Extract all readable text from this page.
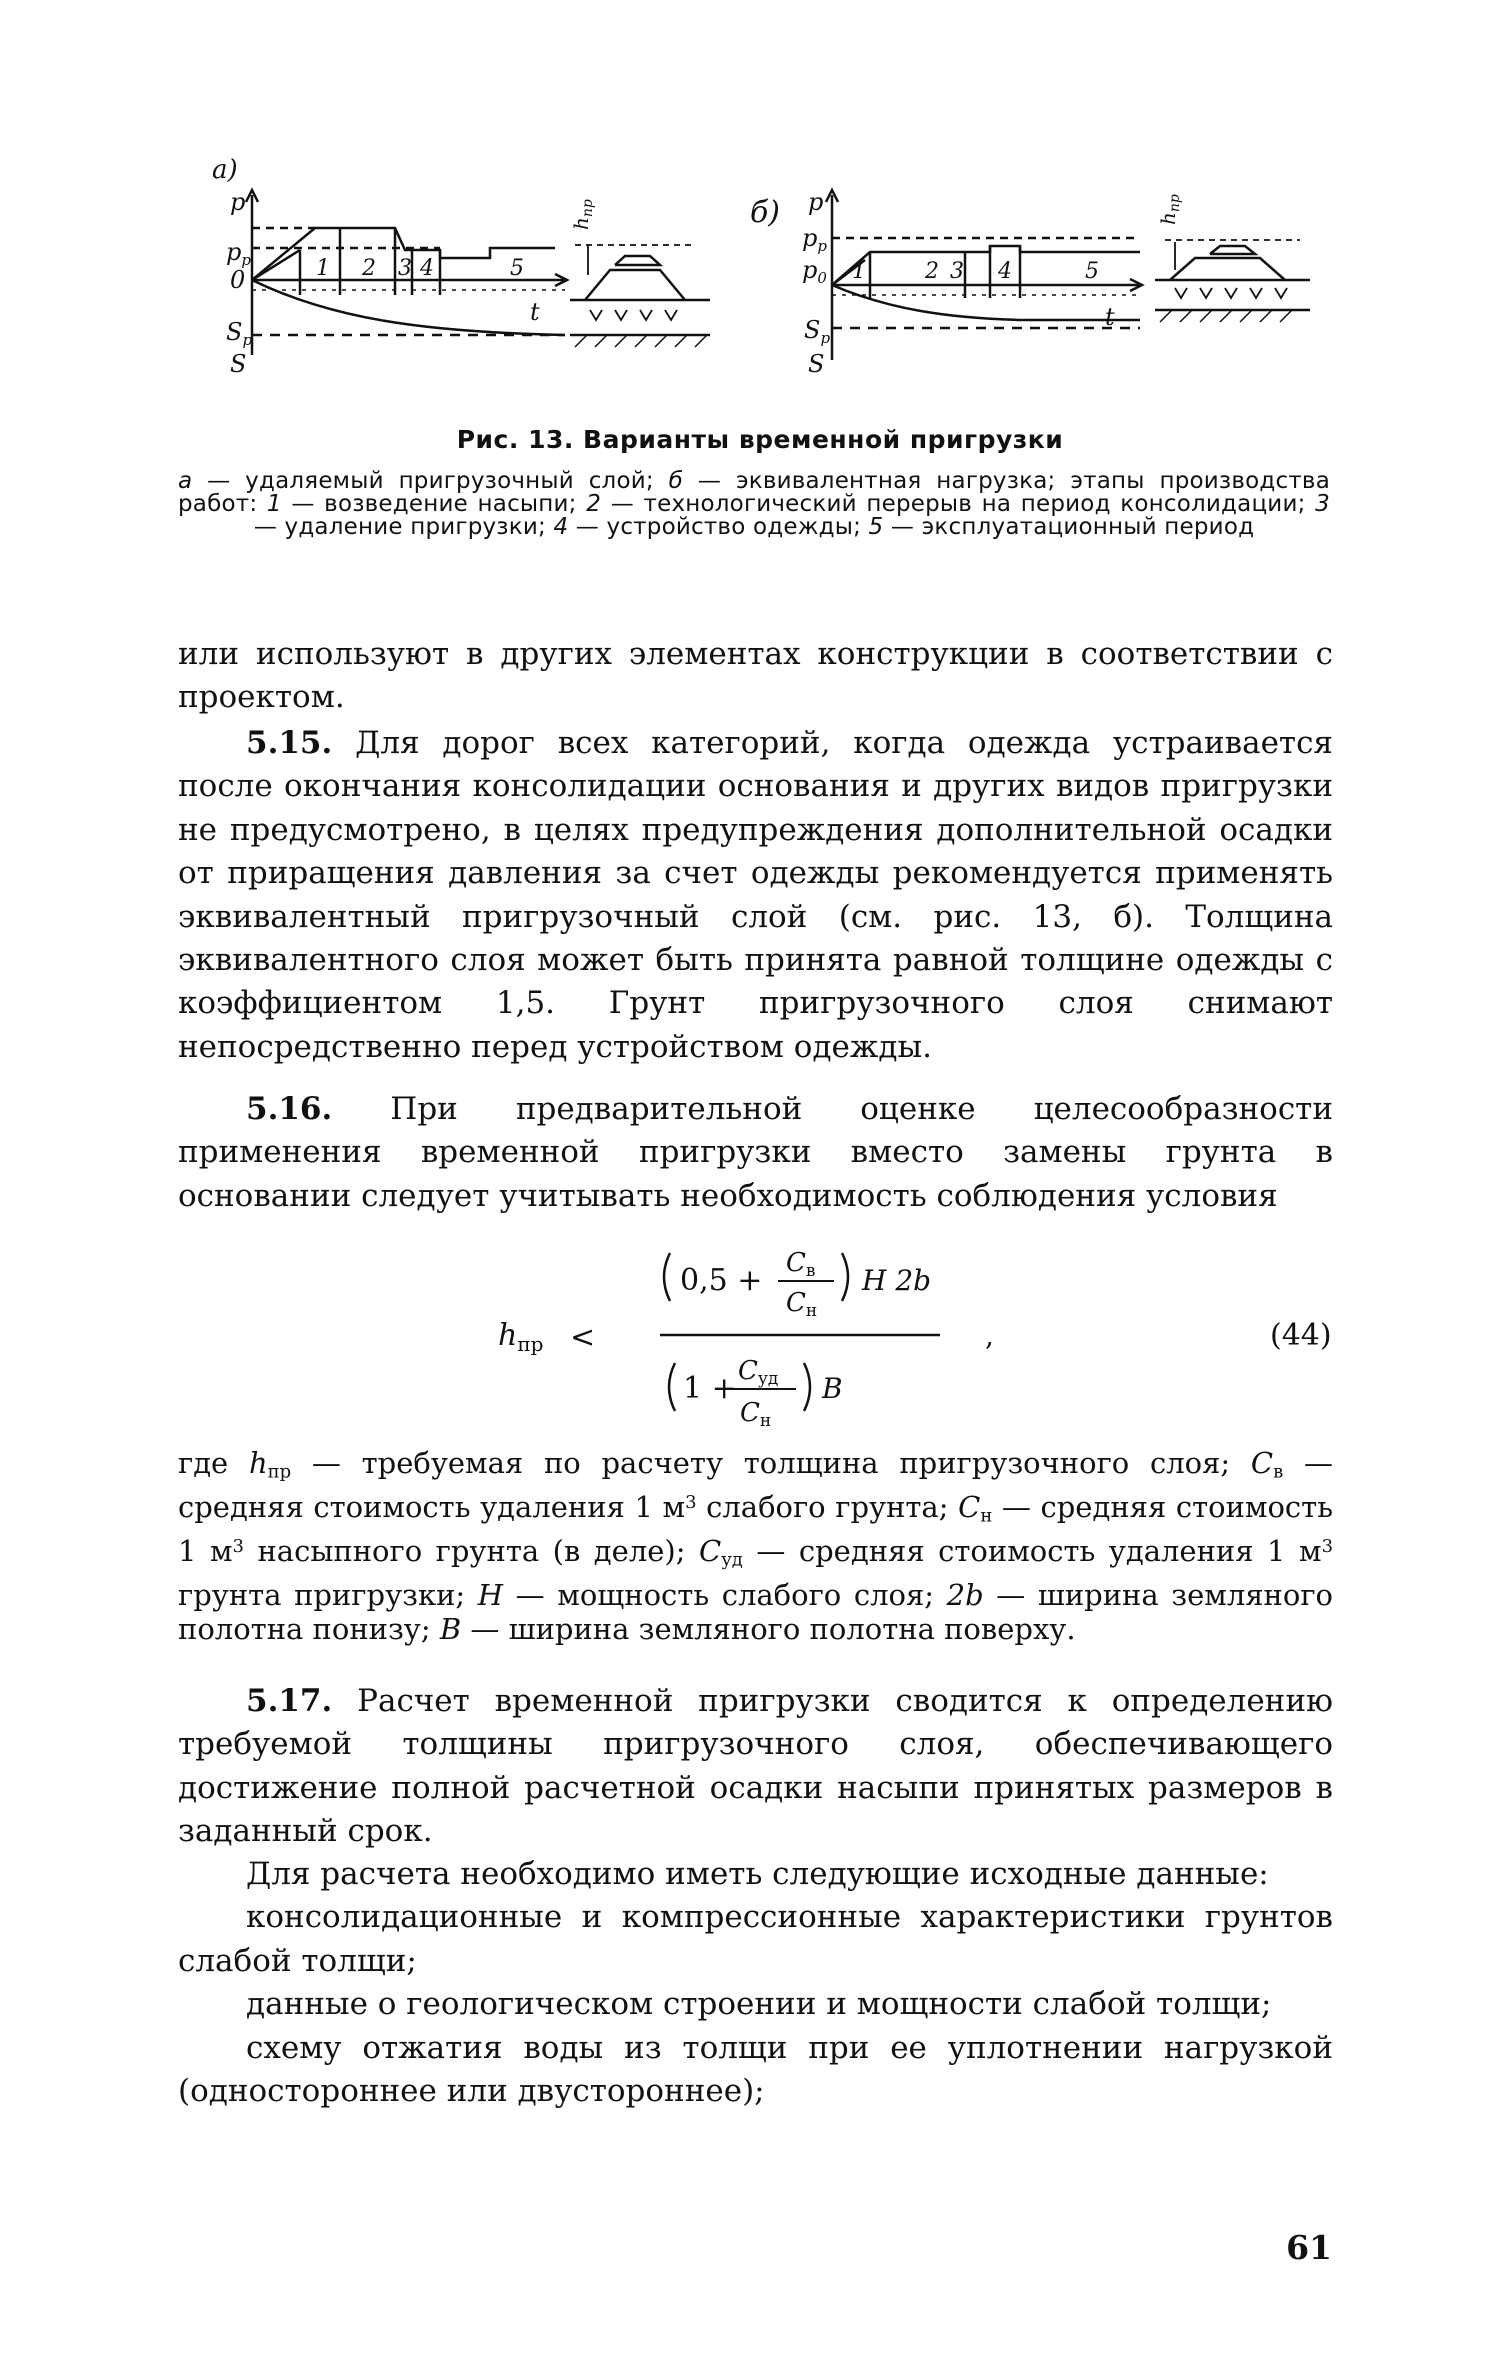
а)
p
$p_p$
0
$S_p$
S
t
1 2 3 4	5
$h_{пр}$	б) p
$p_p$
$p_0$
$S_p$
S
t
1	2 3 4	5
$h_{пр}$
Рис. 13. Варианты временной пригрузки
а — удаляемый пригрузочный слой; б — эквивалентная нагрузка; этапы производства работ: 1 — возведение насыпи; 2 — технологический перерыв на период консолидации; 3 — удаление пригрузки; 4 — устройство одежды; 5 — эксплуатационный период

или используют в других элементах конструкции в соответствии с проектом.

5.15. Для дорог всех категорий, когда одежда устраивается после окончания консолидации основания и других видов пригрузки не предусмотрено, в целях предупреждения дополнительной осадки от приращения давления за счет одежды рекомендуется применять эквивалентный пригрузочный слой (см. рис. 13, б). Толщина эквивалентного слоя может быть принята равной толщине одежды с коэффициентом 1,5. Грунт пригрузочного слоя снимают непосредственно перед устройством одежды.

5.16. При предварительной оценке целесообразности применения временной пригрузки вместо замены грунта в основании следует учитывать необходимость соблюдения условия

$h_{пр}$ <
0,5 + Cв
Cн
H 2b
1 + Cуд
Cн
B
,	(44)

где $h_{пр}$ — требуемая по расчету толщина пригрузочного слоя; $C_в$ — средняя стоимость удаления 1 $м^3$ слабого грунта; $C_н$ — средняя стоимость 1 $м^3$ насыпного грунта (в деле); $C_{уд}$ — средняя стоимость удаления 1 $м^3$ грунта пригрузки; H — мощность слабого слоя; 2b — ширина земляного полотна понизу; B — ширина земляного полотна поверху.

5.17. Расчет временной пригрузки сводится к определению требуемой толщины пригрузочного слоя, обеспечивающего достижение полной расчетной осадки насыпи принятых размеров в заданный срок.

Для расчета необходимо иметь следующие исходные данные:

консолидационные и компрессионные характеристики грунтов слабой толщи;

данные о геологическом строении и мощности слабой толщи;

схему отжатия воды из толщи при ее уплотнении нагрузкой (одностороннее или двустороннее);

61
